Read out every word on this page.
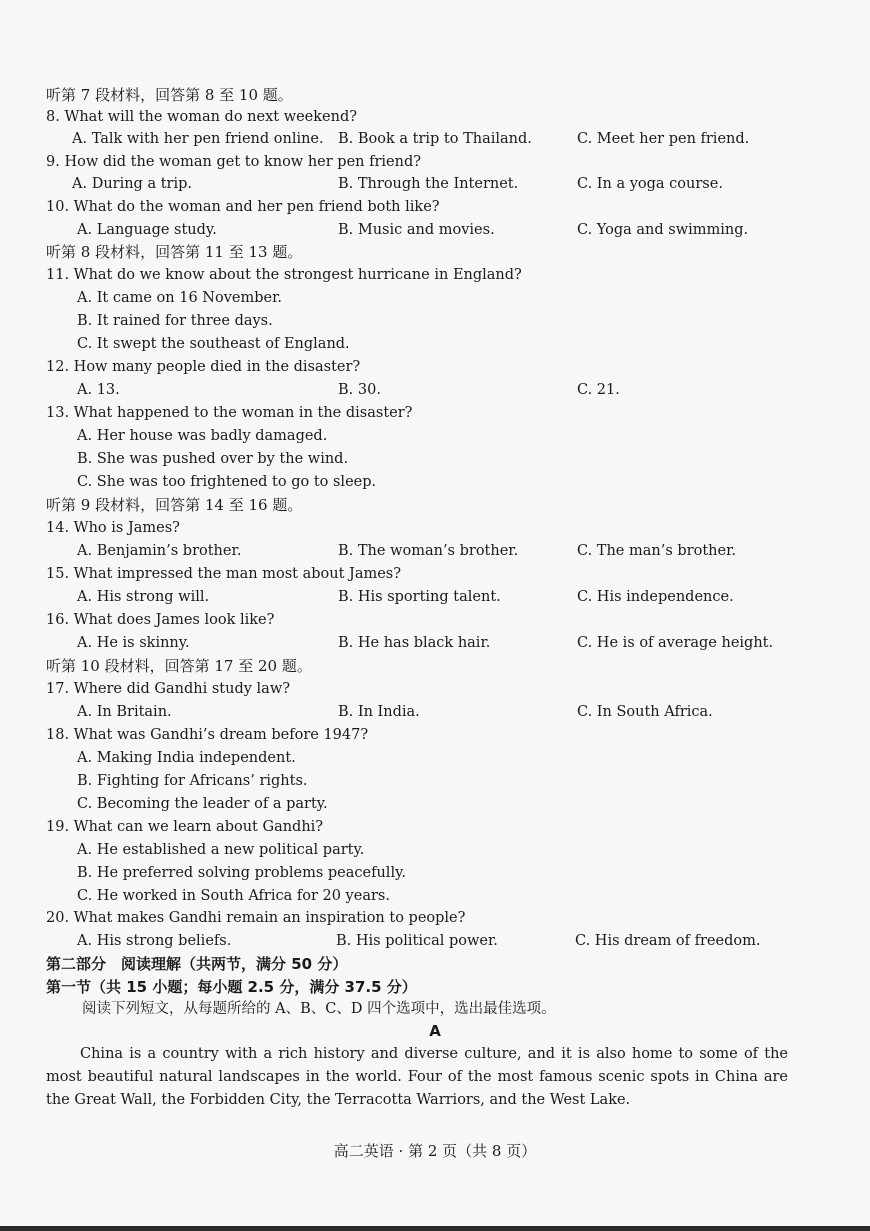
听第 7 段材料，回答第 8 至 10 题。
8. What will the woman do next weekend?
A. Talk with her pen friend online. B. Book a trip to Thailand.	C. Meet her pen friend.
9. How did the woman get to know her pen friend?
A. During a trip.	B. Through the Internet.	C. In a yoga course.
10. What do the woman and her pen friend both like?
A. Language study.	B. Music and movies.	C. Yoga and swimming.
听第 8 段材料，回答第 11 至 13 题。
11. What do we know about the strongest hurricane in England?
A. It came on 16 November.
B. It rained for three days.
C. It swept the southeast of England.
12. How many people died in the disaster?
A. 13.	B. 30.	C. 21.
13. What happened to the woman in the disaster?
A. Her house was badly damaged.
B. She was pushed over by the wind.
C. She was too frightened to go to sleep.
听第 9 段材料，回答第 14 至 16 题。
14. Who is James?
A. Benjamin’s brother.	B. The woman’s brother.	C. The man’s brother.
15. What impressed the man most about James?
A. His strong will.	B. His sporting talent.	C. His independence.
16. What does James look like?
A. He is skinny.	B. He has black hair.	C. He is of average height.
听第 10 段材料，回答第 17 至 20 题。
17. Where did Gandhi study law?
A. In Britain.	B. In India.	C. In South Africa.
18. What was Gandhi’s dream before 1947?
A. Making India independent.
B. Fighting for Africans’ rights.
C. Becoming the leader of a party.
19. What can we learn about Gandhi?
A. He established a new political party.
B. He preferred solving problems peacefully.
C. He worked in South Africa for 20 years.
20. What makes Gandhi remain an inspiration to people?
A. His strong beliefs.	B. His political power.	C. His dream of freedom.
第二部分　阅读理解（共两节，满分 50 分）
第一节（共 15 小题；每小题 2.5 分，满分 37.5 分）
阅读下列短文，从每题所给的 A、B、C、D 四个选项中，选出最佳选项。
A
China is a country with a rich history and diverse culture, and it is also home to some of the most beautiful natural landscapes in the world. Four of the most famous scenic spots in China are the Great Wall, the Forbidden City, the Terracotta Warriors, and the West Lake.
高二英语 · 第 2 页（共 8 页）
